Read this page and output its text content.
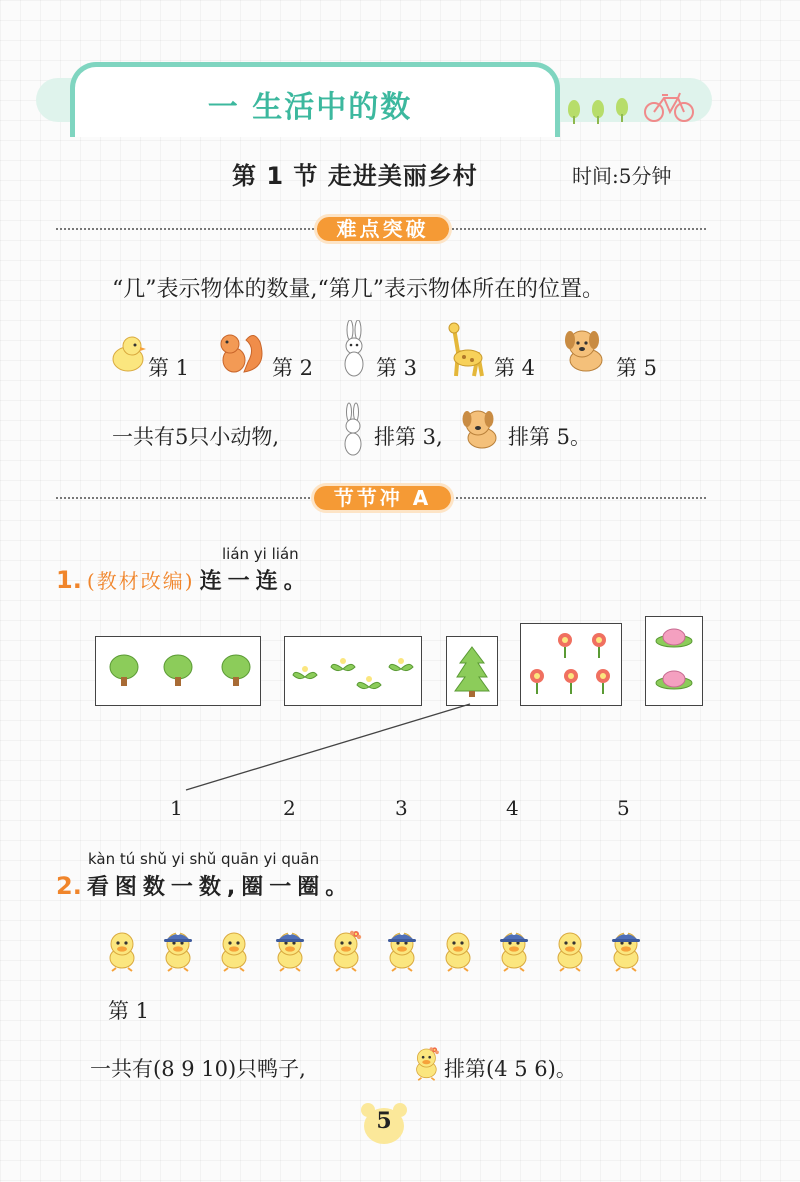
一 生活中的数
第 1 节 走进美丽乡村	时间:5分钟
难点突破
“几”表示物体的数量,“第几”表示物体所在的位置。
第 1	第 2	第 3	第 4	第 5
一共有5只小动物,	排第 3,	排第 5。
节节冲 A
lián yi lián
1. (教材改编) 连一连。
1	2	3	4	5
kàn tú shǔ yi shǔ quān yi quān
2. 看图数一数,圈一圈。
第 1
一共有(8 9 10)只鸭子,	排第(4 5 6)。
5
